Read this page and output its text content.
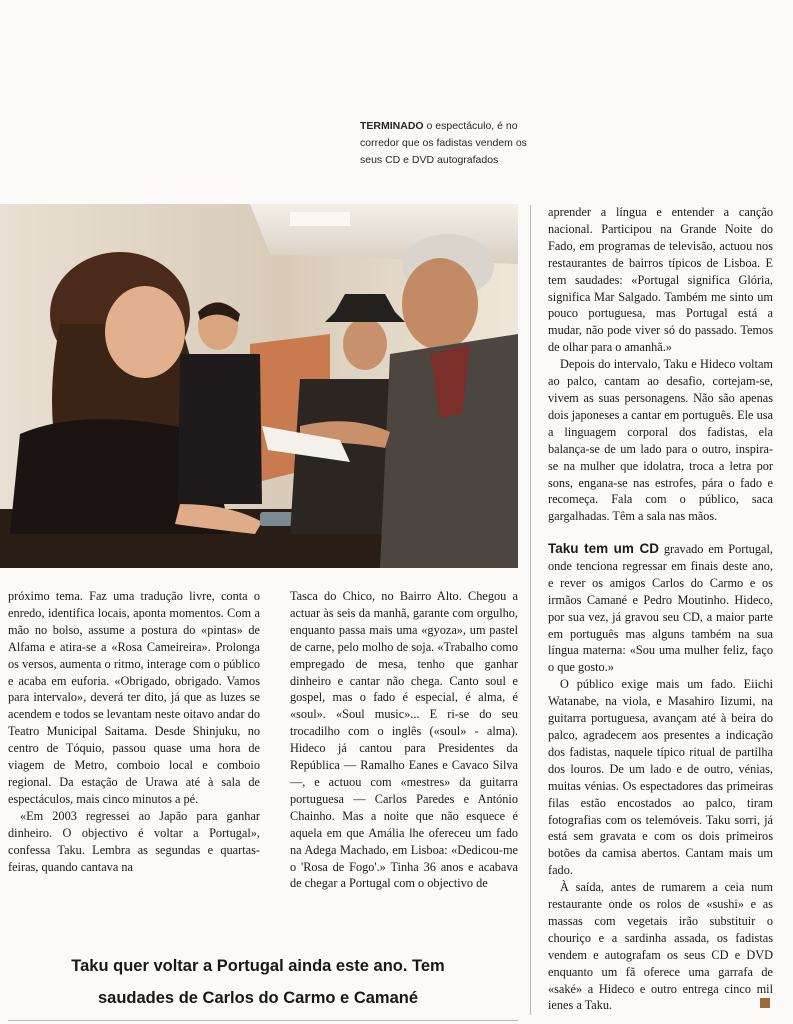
TERMINADO o espectáculo, é no corredor que os fadistas vendem os seus CD e DVD autografados

aprender a língua e entender a canção nacional. Participou na Grande Noite do Fado, em programas de televisão, actuou nos restaurantes de bairros típicos de Lisboa. E tem saudades: «Portugal significa Glória, significa Mar Salgado. Também me sinto um pouco portuguesa, mas Portugal está a mudar, não pode viver só do passado. Temos de olhar para o amanhã.»

Depois do intervalo, Taku e Hideco voltam ao palco, cantam ao desafio, cortejam-se, vivem as suas personagens. Não são apenas dois japoneses a cantar em português. Ele usa a linguagem corporal dos fadistas, ela balança-se de um lado para o outro, inspira-se na mulher que idolatra, troca a letra por sons, engana-se nas estrofes, pára o fado e recomeça. Fala com o público, saca gargalhadas. Têm a sala nas mãos.

Taku tem um CD gravado em Portugal, onde tenciona regressar em finais deste ano, e rever os amigos Carlos do Carmo e os irmãos Camané e Pedro Moutinho. Hideco, por sua vez, já gravou seu CD, a maior parte em português mas alguns também na sua língua materna: «Sou uma mulher feliz, faço o que gosto.»

O público exige mais um fado. Eiichi Watanabe, na viola, e Masahiro Iizumi, na guitarra portuguesa, avançam até à beira do palco, agradecem aos presentes a indicação dos fadistas, naquele típico ritual de partilha dos louros. De um lado e de outro, vénias, muitas vénias. Os espectadores das primeiras filas estão encostados ao palco, tiram fotografias com os telemóveis. Taku sorri, já está sem gravata e com os dois primeiros botões da camisa abertos. Cantam mais um fado.

À saída, antes de rumarem a ceia num restaurante onde os rolos de «sushi» e as massas com vegetais irão substituir o chouriço e a sardinha assada, os fadistas vendem e autografam os seus CD e DVD enquanto um fã oferece uma garrafa de «saké» a Hideco e outro entrega cinco mil ienes a Taku.

próximo tema. Faz uma tradução livre, conta o enredo, identifica locais, aponta momentos. Com a mão no bolso, assume a postura do «pintas» de Alfama e atira-se a «Rosa Cameireira». Prolonga os versos, aumenta o ritmo, interage com o público e acaba em euforia. «Obrigado, obrigado. Vamos para intervalo», deverá ter dito, já que as luzes se acendem e todos se levantam neste oitavo andar do Teatro Municipal Saitama. Desde Shinjuku, no centro de Tóquio, passou quase uma hora de viagem de Metro, comboio local e comboio regional. Da estação de Urawa até à sala de espectáculos, mais cinco minutos a pé.

«Em 2003 regressei ao Japão para ganhar dinheiro. O objectivo é voltar a Portugal», confessa Taku. Lembra as segundas e quartas-feiras, quando cantava na

Tasca do Chico, no Bairro Alto. Chegou a actuar às seis da manhã, garante com orgulho, enquanto passa mais uma «gyoza», um pastel de carne, pelo molho de soja. «Trabalho como empregado de mesa, tenho que ganhar dinheiro e cantar não chega. Canto soul e gospel, mas o fado é especial, é alma, é «soul». «Soul music»... E ri-se do seu trocadilho com o inglês («soul» - alma). Hideco já cantou para Presidentes da República — Ramalho Eanes e Cavaco Silva —, e actuou com «mestres» da guitarra portuguesa — Carlos Paredes e António Chainho. Mas a noite que não esquece é aquela em que Amália lhe ofereceu um fado na Adega Machado, em Lisboa: «Dedicou-me o 'Rosa de Fogo'.» Tinha 36 anos e acabava de chegar a Portugal com o objectivo de

Taku quer voltar a Portugal ainda este ano. Tem
saudades de Carlos do Carmo e Camané
